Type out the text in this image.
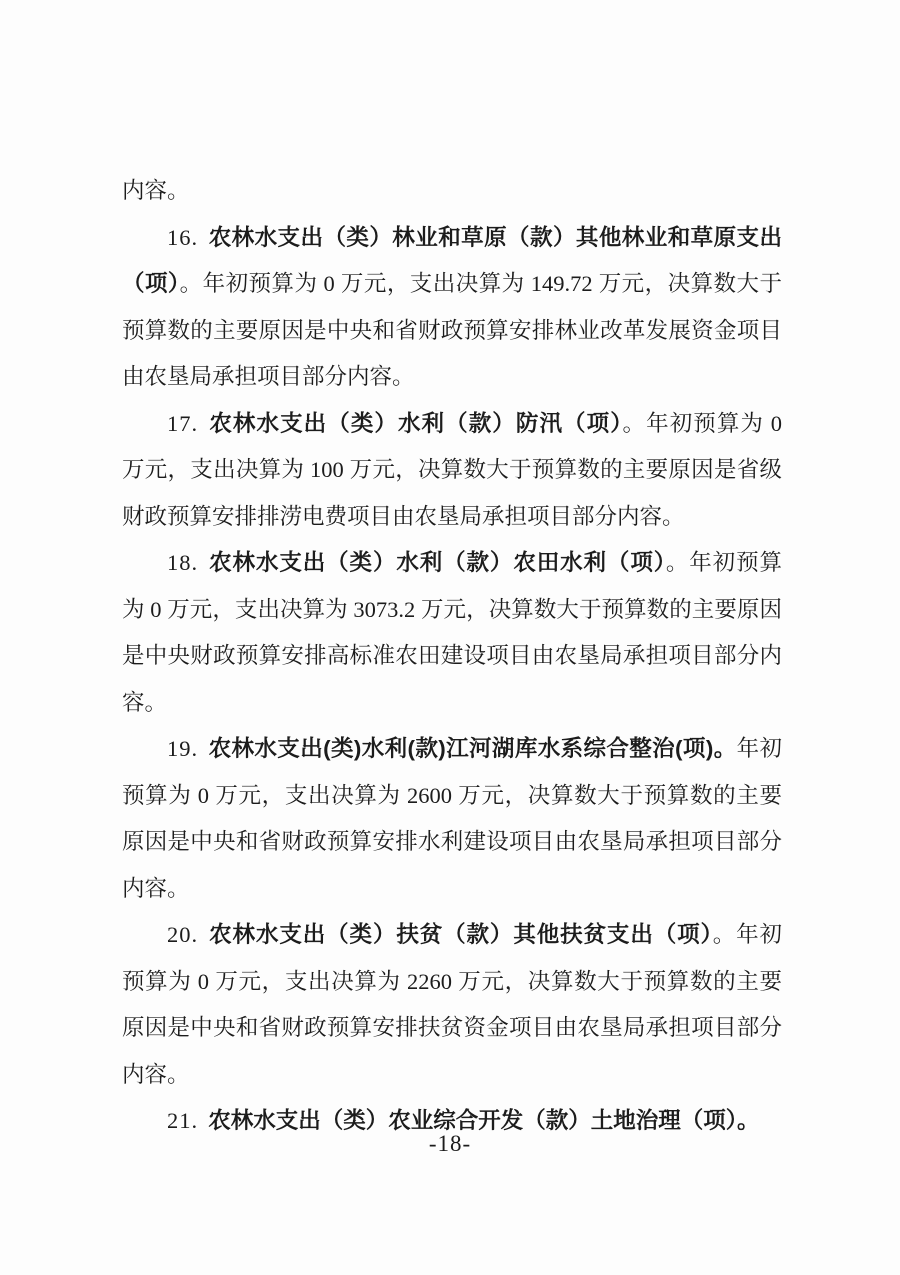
内容。

16. 农林水支出（类）林业和草原（款）其他林业和草原支出（项）。年初预算为 0 万元，支出决算为 149.72 万元，决算数大于预算数的主要原因是中央和省财政预算安排林业改革发展资金项目由农垦局承担项目部分内容。

17. 农林水支出（类）水利（款）防汛（项）。年初预算为 0 万元，支出决算为 100 万元，决算数大于预算数的主要原因是省级财政预算安排排涝电费项目由农垦局承担项目部分内容。

18. 农林水支出（类）水利（款）农田水利（项）。年初预算为 0 万元，支出决算为 3073.2 万元，决算数大于预算数的主要原因是中央财政预算安排高标准农田建设项目由农垦局承担项目部分内容。

19. 农林水支出(类)水利(款)江河湖库水系综合整治(项)。年初预算为 0 万元，支出决算为 2600 万元，决算数大于预算数的主要原因是中央和省财政预算安排水利建设项目由农垦局承担项目部分内容。

20. 农林水支出（类）扶贫（款）其他扶贫支出（项）。年初预算为 0 万元，支出决算为 2260 万元，决算数大于预算数的主要原因是中央和省财政预算安排扶贫资金项目由农垦局承担项目部分内容。

21. 农林水支出（类）农业综合开发（款）土地治理（项）。

-18-
